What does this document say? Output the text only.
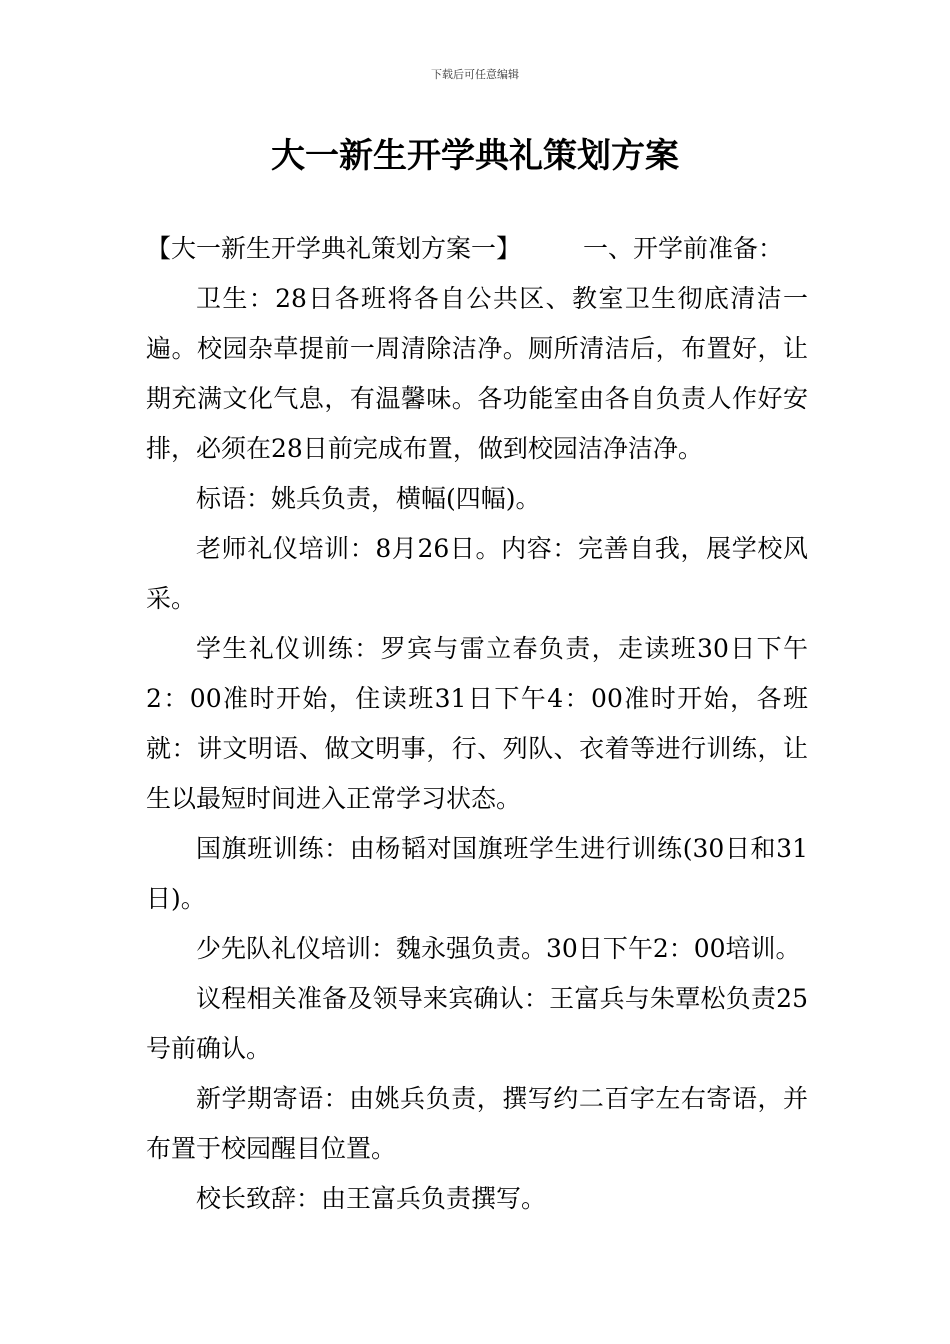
下载后可任意编辑
大一新生开学典礼策划方案

【大一新生开学典礼策划方案一】 一、开学前准备：

卫生：28日各班将各自公共区、教室卫生彻底清洁一遍。校园杂草提前一周清除洁净。厕所清洁后，布置好，让期充满文化气息，有温馨味。各功能室由各自负责人作好安排，必须在28日前完成布置，做到校园洁净洁净。

标语：姚兵负责，横幅(四幅)。

老师礼仪培训：8月26日。内容：完善自我，展学校风采。

学生礼仪训练：罗宾与雷立春负责，走读班30日下午2：00准时开始，住读班31日下午4：00准时开始，各班就：讲文明语、做文明事，行、列队、衣着等进行训练，让生以最短时间进入正常学习状态。

国旗班训练：由杨韬对国旗班学生进行训练(30日和31日)。

少先队礼仪培训：魏永强负责。30日下午2：00培训。

议程相关准备及领导来宾确认：王富兵与朱覃松负责25号前确认。

新学期寄语：由姚兵负责，撰写约二百字左右寄语，并布置于校园醒目位置。

校长致辞：由王富兵负责撰写。
